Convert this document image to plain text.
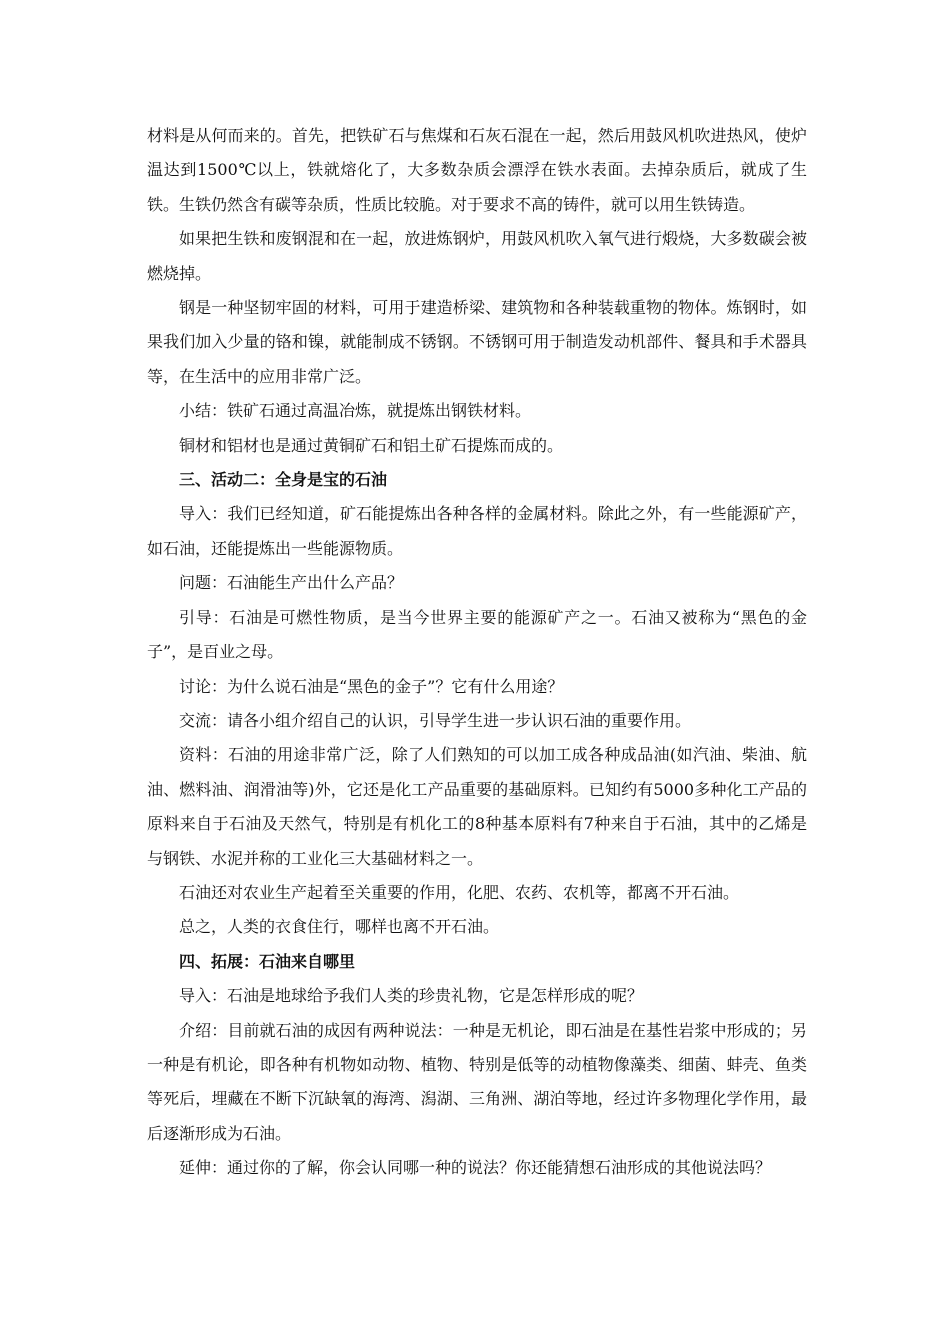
材料是从何而来的。首先，把铁矿石与焦煤和石灰石混在一起，然后用鼓风机吹进热风，使炉温达到1500℃以上，铁就熔化了，大多数杂质会漂浮在铁水表面。去掉杂质后，就成了生铁。生铁仍然含有碳等杂质，性质比较脆。对于要求不高的铸件，就可以用生铁铸造。

如果把生铁和废钢混和在一起，放进炼钢炉，用鼓风机吹入氧气进行煅烧，大多数碳会被燃烧掉。

钢是一种坚韧牢固的材料，可用于建造桥梁、建筑物和各种装载重物的物体。炼钢时，如果我们加入少量的铬和镍，就能制成不锈钢。不锈钢可用于制造发动机部件、餐具和手术器具等，在生活中的应用非常广泛。

小结：铁矿石通过高温冶炼，就提炼出钢铁材料。

铜材和铝材也是通过黄铜矿石和铝土矿石提炼而成的。

三、活动二：全身是宝的石油

导入：我们已经知道，矿石能提炼出各种各样的金属材料。除此之外，有一些能源矿产，如石油，还能提炼出一些能源物质。

问题：石油能生产出什么产品？

引导：石油是可燃性物质，是当今世界主要的能源矿产之一。石油又被称为“黑色的金子”，是百业之母。

讨论：为什么说石油是“黑色的金子”？它有什么用途？

交流：请各小组介绍自己的认识，引导学生进一步认识石油的重要作用。

资料：石油的用途非常广泛，除了人们熟知的可以加工成各种成品油(如汽油、柴油、航油、燃料油、润滑油等)外，它还是化工产品重要的基础原料。已知约有5000多种化工产品的原料来自于石油及天然气，特别是有机化工的8种基本原料有7种来自于石油，其中的乙烯是与钢铁、水泥并称的工业化三大基础材料之一。

石油还对农业生产起着至关重要的作用，化肥、农药、农机等，都离不开石油。

总之，人类的衣食住行，哪样也离不开石油。

四、拓展：石油来自哪里

导入：石油是地球给予我们人类的珍贵礼物，它是怎样形成的呢？

介绍：目前就石油的成因有两种说法：一种是无机论，即石油是在基性岩浆中形成的；另一种是有机论，即各种有机物如动物、植物、特别是低等的动植物像藻类、细菌、蚌壳、鱼类等死后，埋藏在不断下沉缺氧的海湾、潟湖、三角洲、湖泊等地，经过许多物理化学作用，最后逐渐形成为石油。

延伸：通过你的了解，你会认同哪一种的说法？你还能猜想石油形成的其他说法吗？
